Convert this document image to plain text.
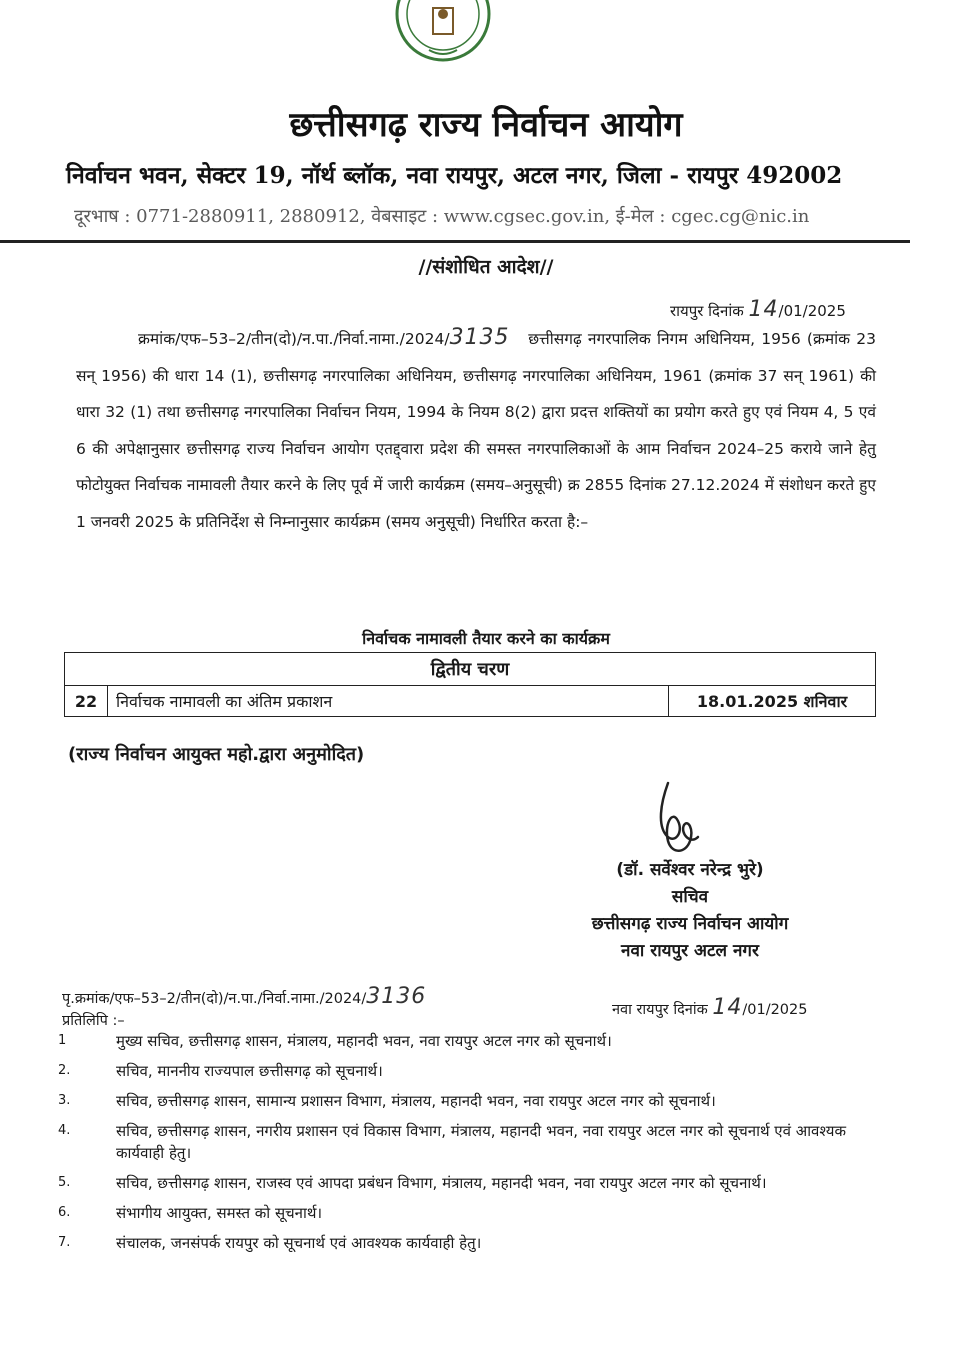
छत्तीसगढ़ राज्य निर्वाचन आयोग
निर्वाचन भवन, सेक्टर 19, नॉर्थ ब्लॉक, नवा रायपुर, अटल नगर, जिला - रायपुर 492002
दूरभाष : 0771-2880911, 2880912, वेबसाइट : www.cgsec.gov.in, ई-मेल : cgec.cg@nic.in
//संशोधित आदेश//
रायपुर दिनांक 14/01/2025
क्रमांक/एफ–53–2/तीन(दो)/न.पा./निर्वा.नामा./2024/3135 छत्तीसगढ़ नगरपालिक निगम अधिनियम, 1956 (क्रमांक 23 सन् 1956) की धारा 14 (1), छत्तीसगढ़ नगरपालिका अधिनियम, छत्तीसगढ़ नगरपालिका अधिनियम, 1961 (क्रमांक 37 सन् 1961) की धारा 32 (1) तथा छत्तीसगढ़ नगरपालिका निर्वाचन नियम, 1994 के नियम 8(2) द्वारा प्रदत्त शक्तियों का प्रयोग करते हुए एवं नियम 4, 5 एवं 6 की अपेक्षानुसार छत्तीसगढ़ राज्य निर्वाचन आयोग एतद्द्वारा प्रदेश की समस्त नगरपालिकाओं के आम निर्वाचन 2024–25 कराये जाने हेतु फोटोयुक्त निर्वाचक नामावली तैयार करने के लिए पूर्व में जारी कार्यक्रम (समय–अनुसूची) क्र 2855 दिनांक 27.12.2024 में संशोधन करते हुए 1 जनवरी 2025 के प्रतिनिर्देश से निम्नानुसार कार्यक्रम (समय अनुसूची) निर्धारित करता है:–
निर्वाचक नामावली तैयार करने का कार्यक्रम
द्वितीय चरण
22	निर्वाचक नामावली का अंतिम प्रकाशन	18.01.2025 शनिवार
(राज्य निर्वाचन आयुक्त महो.द्वारा अनुमोदित)
(डॉ. सर्वेश्वर नरेन्द्र भुरे)
सचिव
छत्तीसगढ़ राज्य निर्वाचन आयोग
नवा रायपुर अटल नगर
पृ.क्रमांक/एफ–53–2/तीन(दो)/न.पा./निर्वा.नामा./2024/3136
नवा रायपुर दिनांक 14/01/2025
प्रतिलिपि :–
1	मुख्य सचिव, छत्तीसगढ़ शासन, मंत्रालय, महानदी भवन, नवा रायपुर अटल नगर को सूचनार्थ।
2.	सचिव, माननीय राज्यपाल छत्तीसगढ़ को सूचनार्थ।
3.	सचिव, छत्तीसगढ़ शासन, सामान्य प्रशासन विभाग, मंत्रालय, महानदी भवन, नवा रायपुर अटल नगर को सूचनार्थ।
4.	सचिव, छत्तीसगढ़ शासन, नगरीय प्रशासन एवं विकास विभाग, मंत्रालय, महानदी भवन, नवा रायपुर अटल नगर को सूचनार्थ एवं आवश्यक कार्यवाही हेतु।
5.	सचिव, छत्तीसगढ़ शासन, राजस्व एवं आपदा प्रबंधन विभाग, मंत्रालय, महानदी भवन, नवा रायपुर अटल नगर को सूचनार्थ।
6.	संभागीय आयुक्त, समस्त को सूचनार्थ।
7.	संचालक, जनसंपर्क रायपुर को सूचनार्थ एवं आवश्यक कार्यवाही हेतु।
